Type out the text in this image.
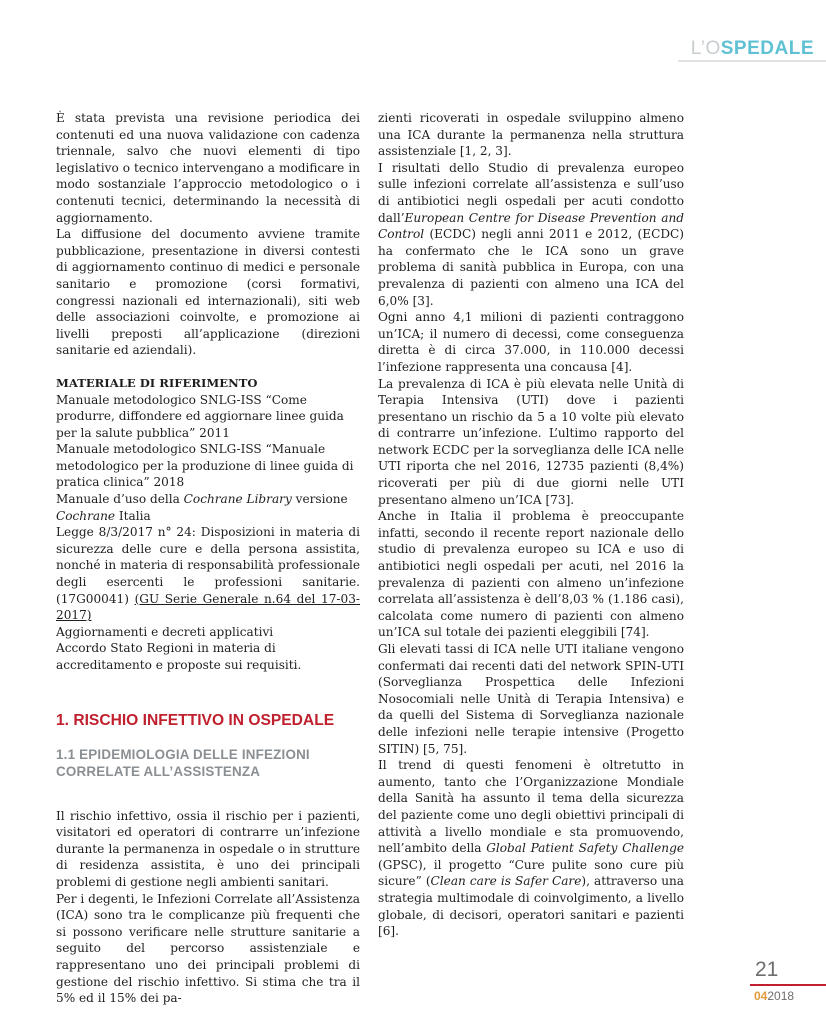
L’OSPEDALE

È stata prevista una revisione periodica dei contenuti ed una nuova validazione con cadenza triennale, salvo che nuovi elementi di tipo legislativo o tecnico intervengano a modificare in modo sostanziale l’approccio metodologico o i contenuti tecnici, determinando la necessità di aggiornamento.

La diffusione del documento avviene tramite pubblicazione, presentazione in diversi contesti di aggiornamento continuo di medici e personale sanitario e promozione (corsi formativi, congressi nazionali ed internazionali), siti web delle associazioni coinvolte, e promozione ai livelli preposti all’applicazione (direzioni sanitarie ed aziendali).

MATERIALE DI RIFERIMENTO

Manuale metodologico SNLG-ISS “Come produrre, diffondere ed aggiornare linee guida per la salute pubblica” 2011

Manuale metodologico SNLG-ISS “Manuale metodologico per la produzione di linee guida di pratica clinica” 2018

Manuale d’uso della Cochrane Library versione Cochrane Italia

Legge 8/3/2017 n° 24: Disposizioni in materia di sicurezza delle cure e della persona assistita, nonché in materia di responsabilità professionale degli esercenti le professioni sanitarie. (17G00041) (GU Serie Generale n.64 del 17-03-2017)

Aggiornamenti e decreti applicativi

Accordo Stato Regioni in materia di accreditamento e proposte sui requisiti.

1. RISCHIO INFETTIVO IN OSPEDALE
1.1 EPIDEMIOLOGIA DELLE INFEZIONI CORRELATE ALL’ASSISTENZA

Il rischio infettivo, ossia il rischio per i pazienti, visitatori ed operatori di contrarre un’infezione durante la permanenza in ospedale o in strutture di residenza assistita, è uno dei principali problemi di gestione negli ambienti sanitari.

Per i degenti, le Infezioni Correlate all’Assistenza (ICA) sono tra le complicanze più frequenti che si possono verificare nelle strutture sanitarie a seguito del percorso assistenziale e rappresentano uno dei principali problemi di gestione del rischio infettivo. Si stima che tra il 5% ed il 15% dei pa-

zienti ricoverati in ospedale sviluppino almeno una ICA durante la permanenza nella struttura assistenziale [1, 2, 3].

I risultati dello Studio di prevalenza europeo sulle infezioni correlate all’assistenza e sull’uso di antibiotici negli ospedali per acuti condotto dall’European Centre for Disease Prevention and Control (ECDC) negli anni 2011 e 2012, (ECDC) ha confermato che le ICA sono un grave problema di sanità pubblica in Europa, con una prevalenza di pazienti con almeno una ICA del 6,0% [3].

Ogni anno 4,1 milioni di pazienti contraggono un’ICA; il numero di decessi, come conseguenza diretta è di circa 37.000, in 110.000 decessi l’infezione rappresenta una concausa [4].

La prevalenza di ICA è più elevata nelle Unità di Terapia Intensiva (UTI) dove i pazienti presentano un rischio da 5 a 10 volte più elevato di contrarre un’infezione. L’ultimo rapporto del network ECDC per la sorveglianza delle ICA nelle UTI riporta che nel 2016, 12735 pazienti (8,4%) ricoverati per più di due giorni nelle UTI presentano almeno un’ICA [73].

Anche in Italia il problema è preoccupante infatti, secondo il recente report nazionale dello studio di prevalenza europeo su ICA e uso di antibiotici negli ospedali per acuti, nel 2016 la prevalenza di pazienti con almeno un’infezione correlata all’assistenza è dell’8,03 % (1.186 casi), calcolata come numero di pazienti con almeno un’ICA sul totale dei pazienti eleggibili [74].

Gli elevati tassi di ICA nelle UTI italiane vengono confermati dai recenti dati del network SPIN-UTI (Sorveglianza Prospettica delle Infezioni Nosocomiali nelle Unità di Terapia Intensiva) e da quelli del Sistema di Sorveglianza nazionale delle infezioni nelle terapie intensive (Progetto SITIN) [5, 75].

Il trend di questi fenomeni è oltretutto in aumento, tanto che l’Organizzazione Mondiale della Sanità ha assunto il tema della sicurezza del paziente come uno degli obiettivi principali di attività a livello mondiale e sta promuovendo, nell’ambito della Global Patient Safety Challenge (GPSC), il progetto “Cure pulite sono cure più sicure” (Clean care is Safer Care), attraverso una strategia multimodale di coinvolgimento, a livello globale, di decisori, operatori sanitari e pazienti [6].

21
042018
